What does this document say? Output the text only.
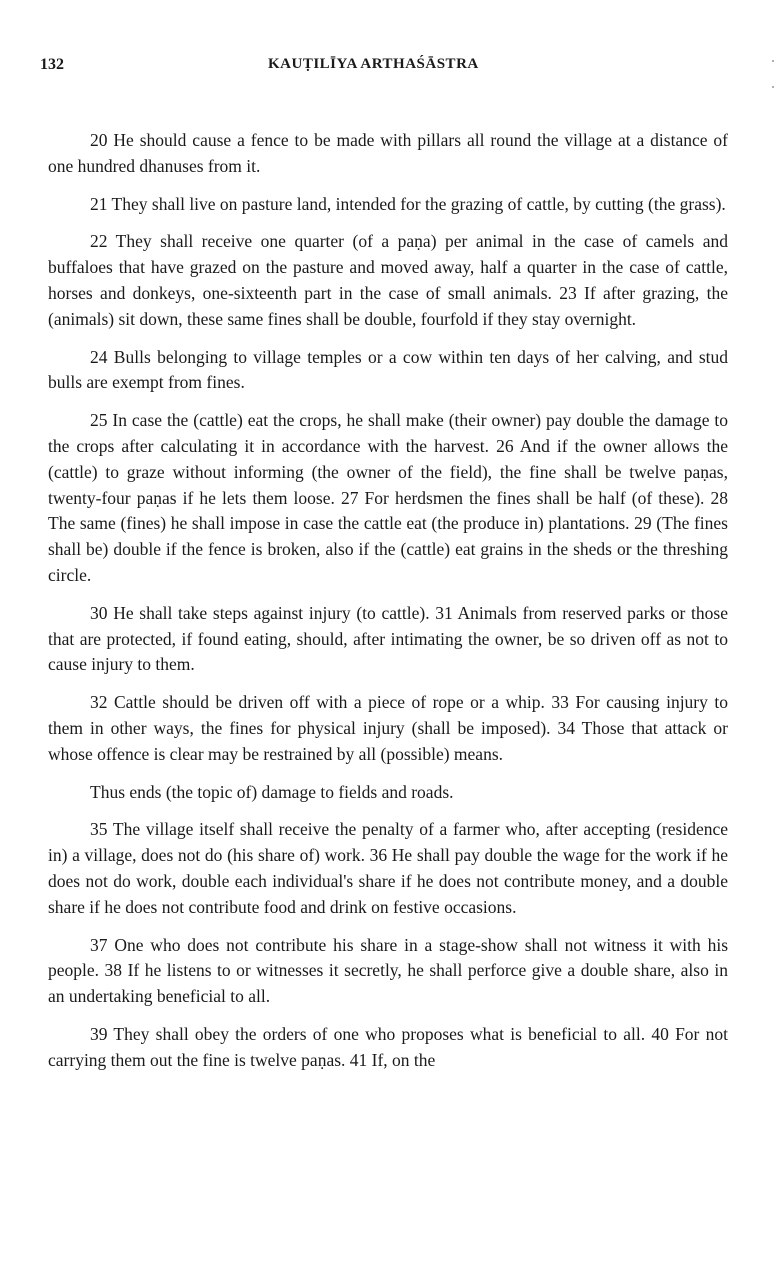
132	KAUṬILĪYA ARTHAŚĀSTRA

20 He should cause a fence to be made with pillars all round the village at a distance of one hundred dhanuses from it.

21 They shall live on pasture land, intended for the grazing of cattle, by cutting (the grass).

22 They shall receive one quarter (of a paṇa) per animal in the case of camels and buffaloes that have grazed on the pasture and moved away, half a quarter in the case of cattle, horses and donkeys, one-sixteenth part in the case of small animals. 23 If after grazing, the (animals) sit down, these same fines shall be double, fourfold if they stay overnight.

24 Bulls belonging to village temples or a cow within ten days of her calving, and stud bulls are exempt from fines.

25 In case the (cattle) eat the crops, he shall make (their owner) pay double the damage to the crops after calculating it in accordance with the harvest. 26 And if the owner allows the (cattle) to graze without informing (the owner of the field), the fine shall be twelve paṇas, twenty-four paṇas if he lets them loose. 27 For herdsmen the fines shall be half (of these). 28 The same (fines) he shall impose in case the cattle eat (the produce in) plantations. 29 (The fines shall be) double if the fence is broken, also if the (cattle) eat grains in the sheds or the threshing circle.

30 He shall take steps against injury (to cattle). 31 Animals from reserved parks or those that are protected, if found eating, should, after intimating the owner, be so driven off as not to cause injury to them.

32 Cattle should be driven off with a piece of rope or a whip. 33 For causing injury to them in other ways, the fines for physical injury (shall be imposed). 34 Those that attack or whose offence is clear may be restrained by all (possible) means.

Thus ends (the topic of) damage to fields and roads.

35 The village itself shall receive the penalty of a farmer who, after accepting (residence in) a village, does not do (his share of) work. 36 He shall pay double the wage for the work if he does not do work, double each individual's share if he does not contribute money, and a double share if he does not contribute food and drink on festive occasions.

37 One who does not contribute his share in a stage-show shall not witness it with his people. 38 If he listens to or witnesses it secretly, he shall perforce give a double share, also in an undertaking beneficial to all.

39 They shall obey the orders of one who proposes what is beneficial to all. 40 For not carrying them out the fine is twelve paṇas. 41 If, on the
